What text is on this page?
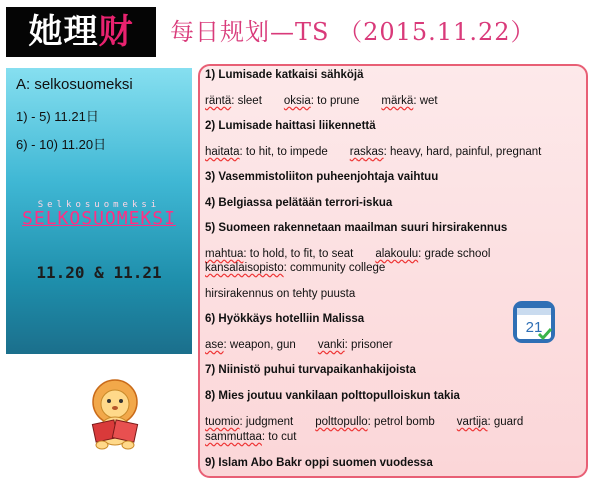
她理 财 每日规划—TS （2015.11.22）
A: selkosuomeksi
1) - 5) 11.21日
6) - 10) 11.20日
Selkosuomeksi
SELKOSUOMEKSI
11.20 & 11.21
1) Lumisade katkaisi sähköjä
räntä: sleet oksia: to prune märkä: wet
2) Lumisade haittasi liikennettä
haitata: to hit, to impede raskas: heavy, hard, painful, pregnant
3) Vasemmistoliiton puheenjohtaja vaihtuu
4) Belgiassa pelätään terrori-iskua
5) Suomeen rakennetaan maailman suuri hirsirakennus
mahtua: to hold, to fit, to seat alakoulu: grade school
kansalaisopisto: community college
hirsirakennus on tehty puusta
6) Hyökkäys hotelliin Malissa
ase: weapon, gun vanki: prisoner
7) Niinistö puhui turvapaikanhakijoista
8) Mies joutuu vankilaan polttopulloiskun takia
tuomio: judgment polttopullo: petrol bomb vartija: guard
sammuttaa: to cut
9) Islam Abo Bakr oppi suomen vuodessa
21
